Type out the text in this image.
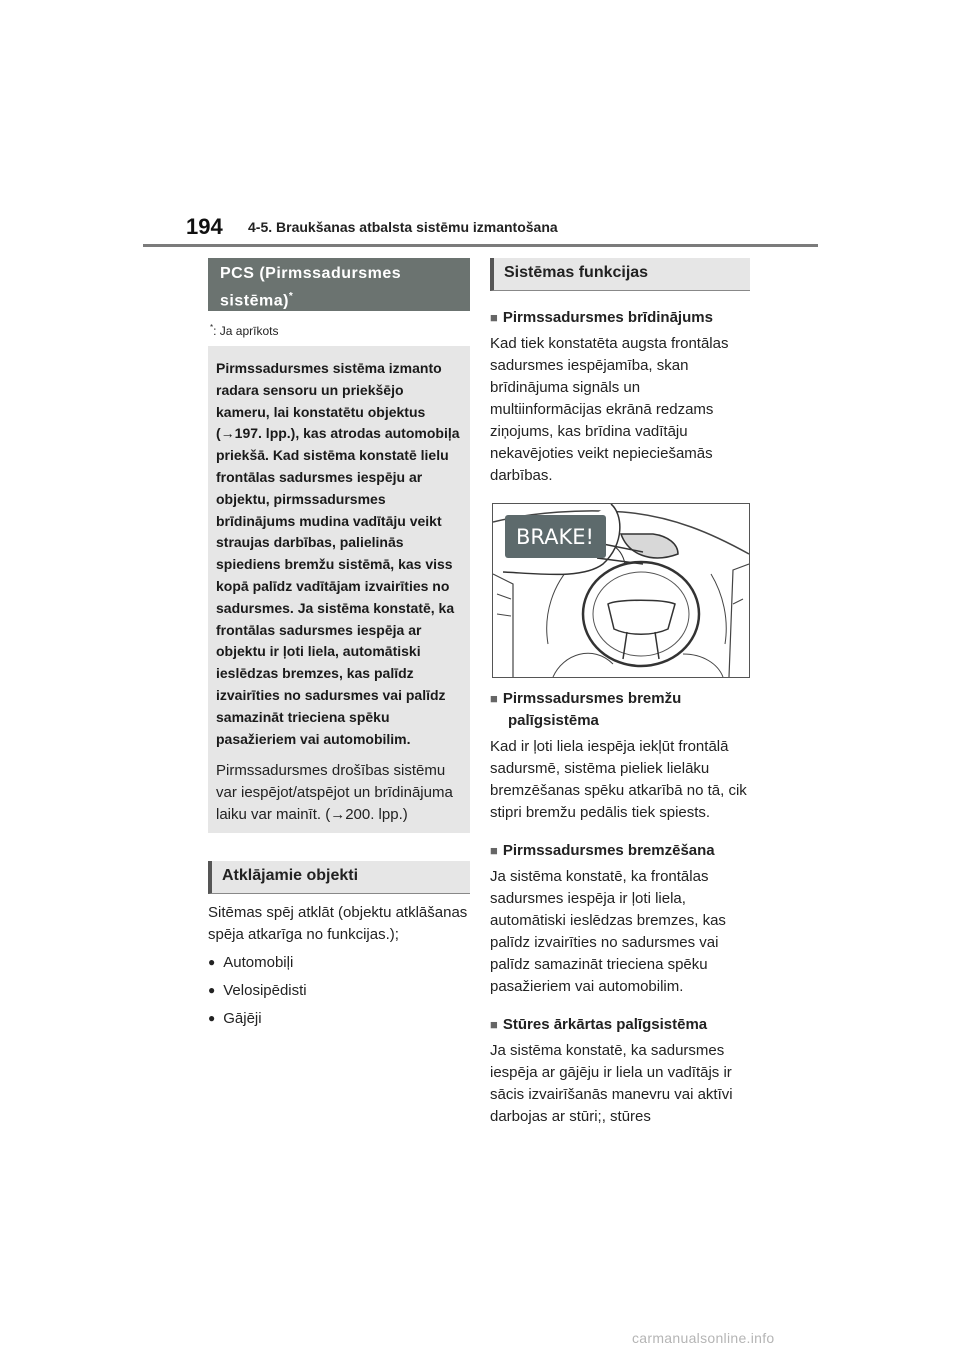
194 4-5. Braukšanas atbalsta sistēmu izmantošana
PCS (Pirmssadursmes sistēma)*
*: Ja aprīkots
Pirmssadursmes sistēma izmanto radara sensoru un priekšējo kameru, lai konstatētu objektus (→197. lpp.), kas atrodas automobiļa priekšā. Kad sistēma konstatē lielu frontālas sadursmes iespēju ar objektu, pirmssadursmes brīdinājums mudina vadītāju veikt straujas darbības, palielinās spiediens bremžu sistēmā, kas viss kopā palīdz vadītājam izvairīties no sadursmes. Ja sistēma konstatē, ka frontālas sadursmes iespēja ar objektu ir ļoti liela, automātiski ieslēdzas bremzes, kas palīdz izvairīties no sadursmes vai palīdz samazināt trieciena spēku pasažieriem vai automobilim.
Pirmssadursmes drošības sistēmu var iespējot/atspējot un brīdinājuma laiku var mainīt. (→200. lpp.)
Atklājamie objekti
Sitēmas spēj atklāt (objektu atklāšanas spēja atkarīga no funkcijas.);
● Automobiļi
● Velosipēdisti
● Gājēji
Sistēmas funkcijas
■ Pirmssadursmes brīdinājums
Kad tiek konstatēta augsta frontālas sadursmes iespējamība, skan brīdinājuma signāls un multiinformācijas ekrānā redzams ziņojums, kas brīdina vadītāju nekavējoties veikt nepieciešamās darbības.
BRAKE!
■ Pirmssadursmes bremžu palīgsistēma
Kad ir ļoti liela iespēja iekļūt frontālā sadursmē, sistēma pieliek lielāku bremzēšanas spēku atkarībā no tā, cik stipri bremžu pedālis tiek spiests.
■ Pirmssadursmes bremzēšana
Ja sistēma konstatē, ka frontālas sadursmes iespēja ir ļoti liela, automātiski ieslēdzas bremzes, kas palīdz izvairīties no sadursmes vai palīdz samazināt trieciena spēku pasažieriem vai automobilim.
■ Stūres ārkārtas palīgsistēma
Ja sistēma konstatē, ka sadursmes iespēja ar gājēju ir liela un vadītājs ir sācis izvairīšanās manevru vai aktīvi darbojas ar stūri;, stūres
carmanualsonline.info
